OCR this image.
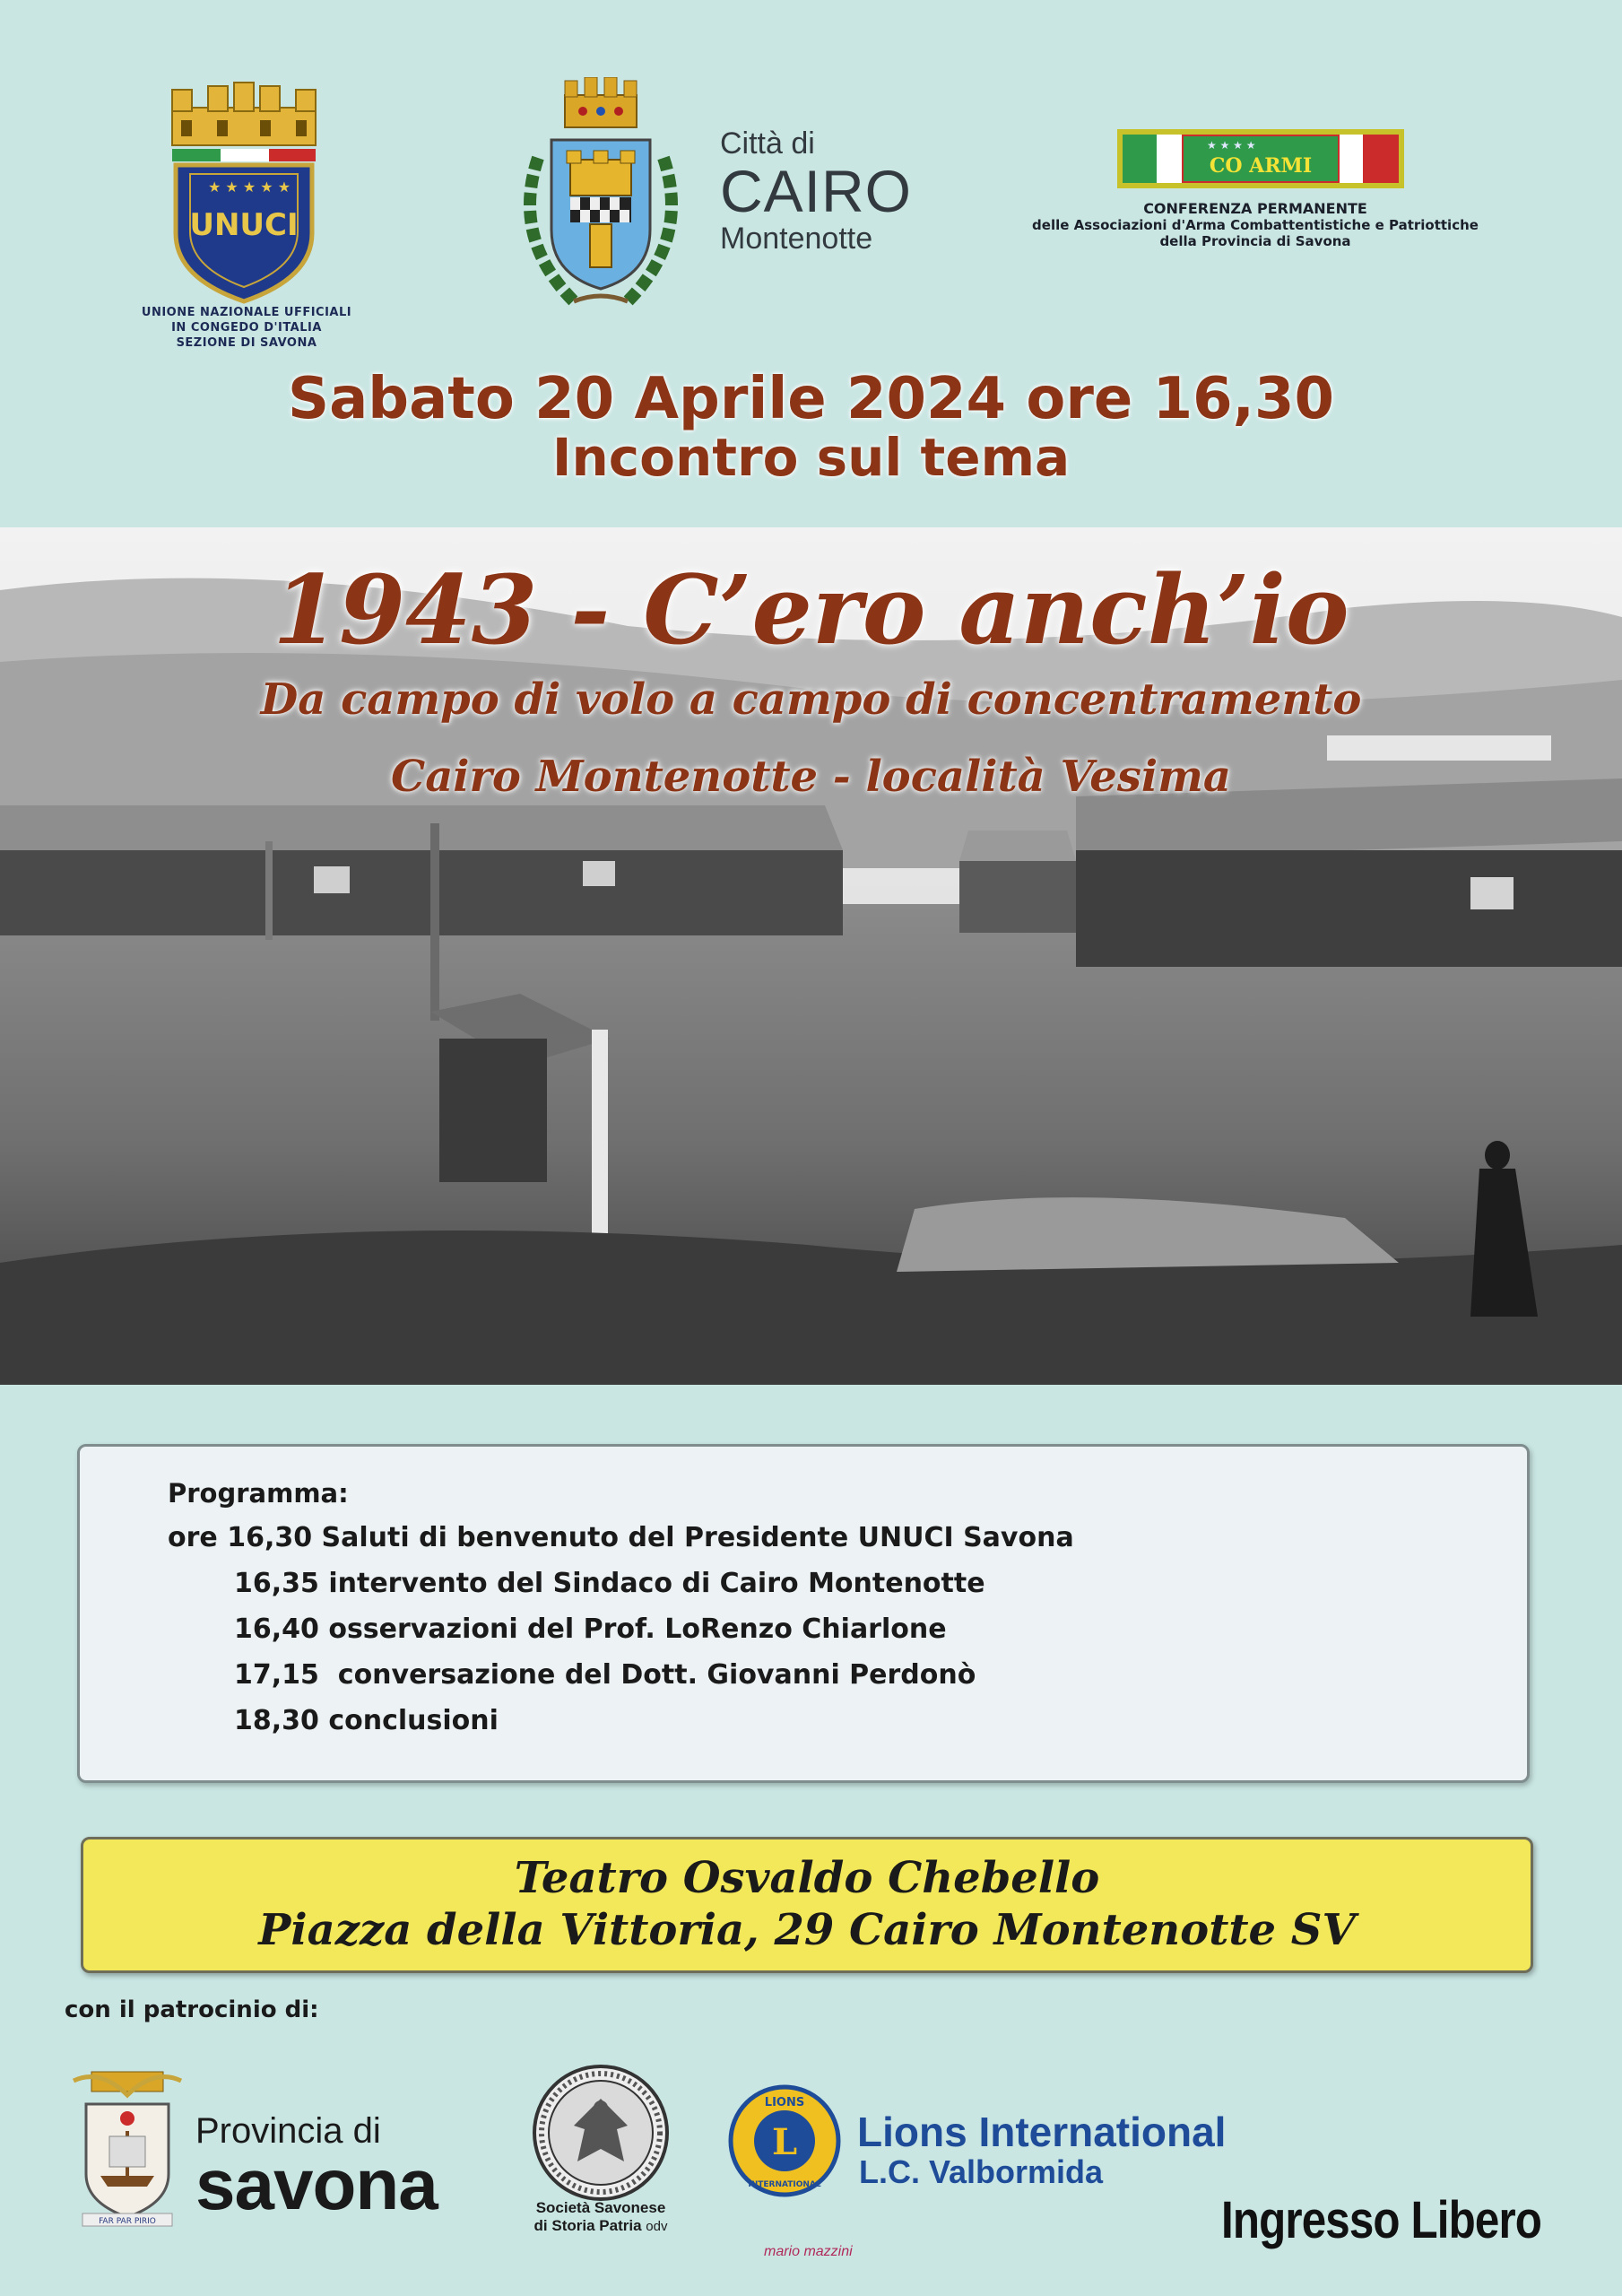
★ ★ ★ ★ ★
UNUCI
UNIONE NAZIONALE UFFICIALI
IN CONGEDO D'ITALIA
SEZIONE DI SAVONA
Città di
CAIRO
Montenotte
★ ★ ★ ★
CO ARMI
CONFERENZA PERMANENTE
delle Associazioni d'Arma Combattentistiche e Patriottiche
della Provincia di Savona
Sabato 20 Aprile 2024 ore 16,30
Incontro sul tema
1943 - C’ero anch’io
Da campo di volo a campo di concentramento
Cairo Montenotte - località Vesima
Programma:
ore 16,30 Saluti di benvenuto del Presidente UNUCI Savona
16,35 intervento del Sindaco di Cairo Montenotte
16,40 osservazioni del Prof. LoRenzo Chiarlone
17,15  conversazione del Dott. Giovanni Perdonò
18,30 conclusioni
Teatro Osvaldo Chebello
Piazza della Vittoria, 29 Cairo Montenotte SV
con il patrocinio di:
FAR PAR PIRIO
Provincia di
savona	Società Savonese
di Storia Patria odv
L
LIONS
INTERNATIONAL
Lions International
L.C. Valbormida
Ingresso Libero
mario mazzini
